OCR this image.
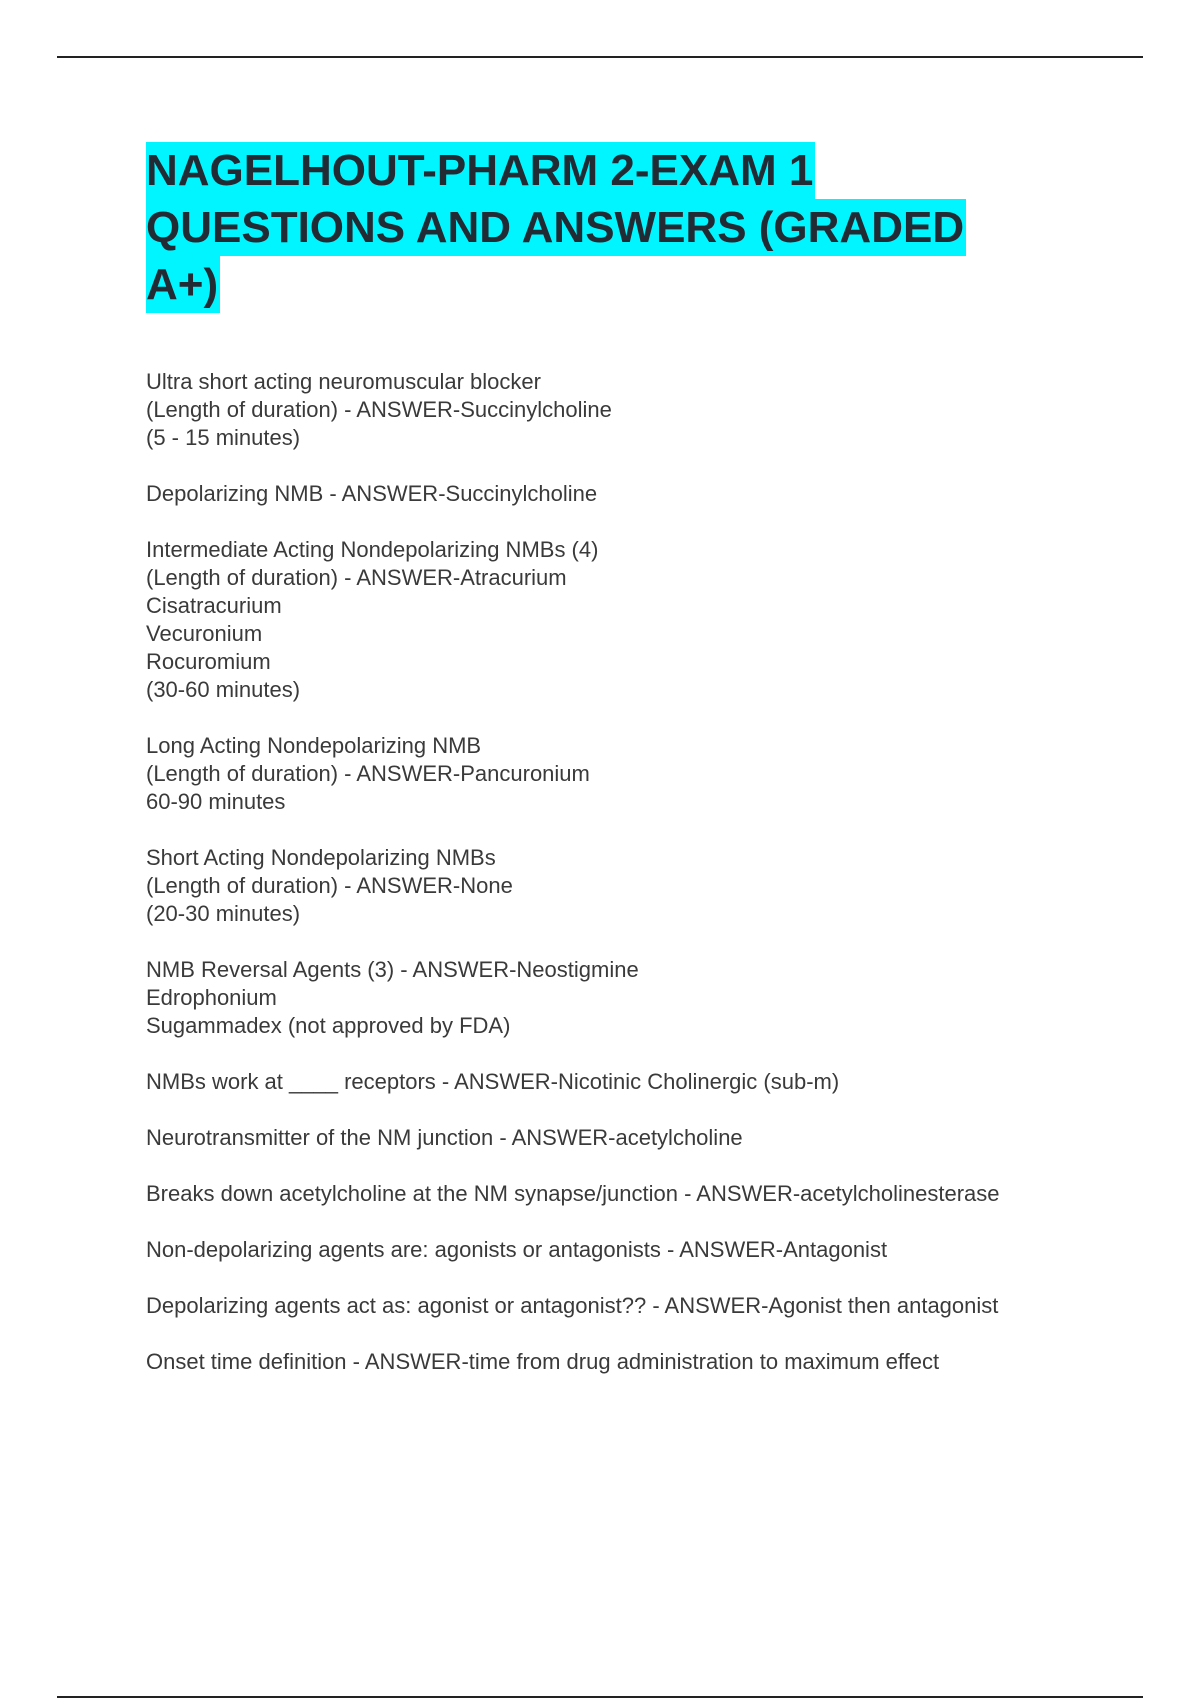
NAGELHOUT-PHARM 2-EXAM 1
QUESTIONS AND ANSWERS (GRADED
A+)
Ultra short acting neuromuscular blocker
(Length of duration) - ANSWER-Succinylcholine
(5 - 15 minutes)
Depolarizing NMB - ANSWER-Succinylcholine
Intermediate Acting Nondepolarizing NMBs (4)
(Length of duration) - ANSWER-Atracurium
Cisatracurium
Vecuronium
Rocuromium
(30-60 minutes)
Long Acting Nondepolarizing NMB
(Length of duration) - ANSWER-Pancuronium
60-90 minutes
Short Acting Nondepolarizing NMBs
(Length of duration) - ANSWER-None
(20-30 minutes)
NMB Reversal Agents (3) - ANSWER-Neostigmine
Edrophonium
Sugammadex (not approved by FDA)
NMBs work at ____ receptors - ANSWER-Nicotinic Cholinergic (sub-m)
Neurotransmitter of the NM junction - ANSWER-acetylcholine
Breaks down acetylcholine at the NM synapse/junction - ANSWER-acetylcholinesterase
Non-depolarizing agents are: agonists or antagonists - ANSWER-Antagonist
Depolarizing agents act as: agonist or antagonist?? - ANSWER-Agonist then antagonist
Onset time definition - ANSWER-time from drug administration to maximum effect
